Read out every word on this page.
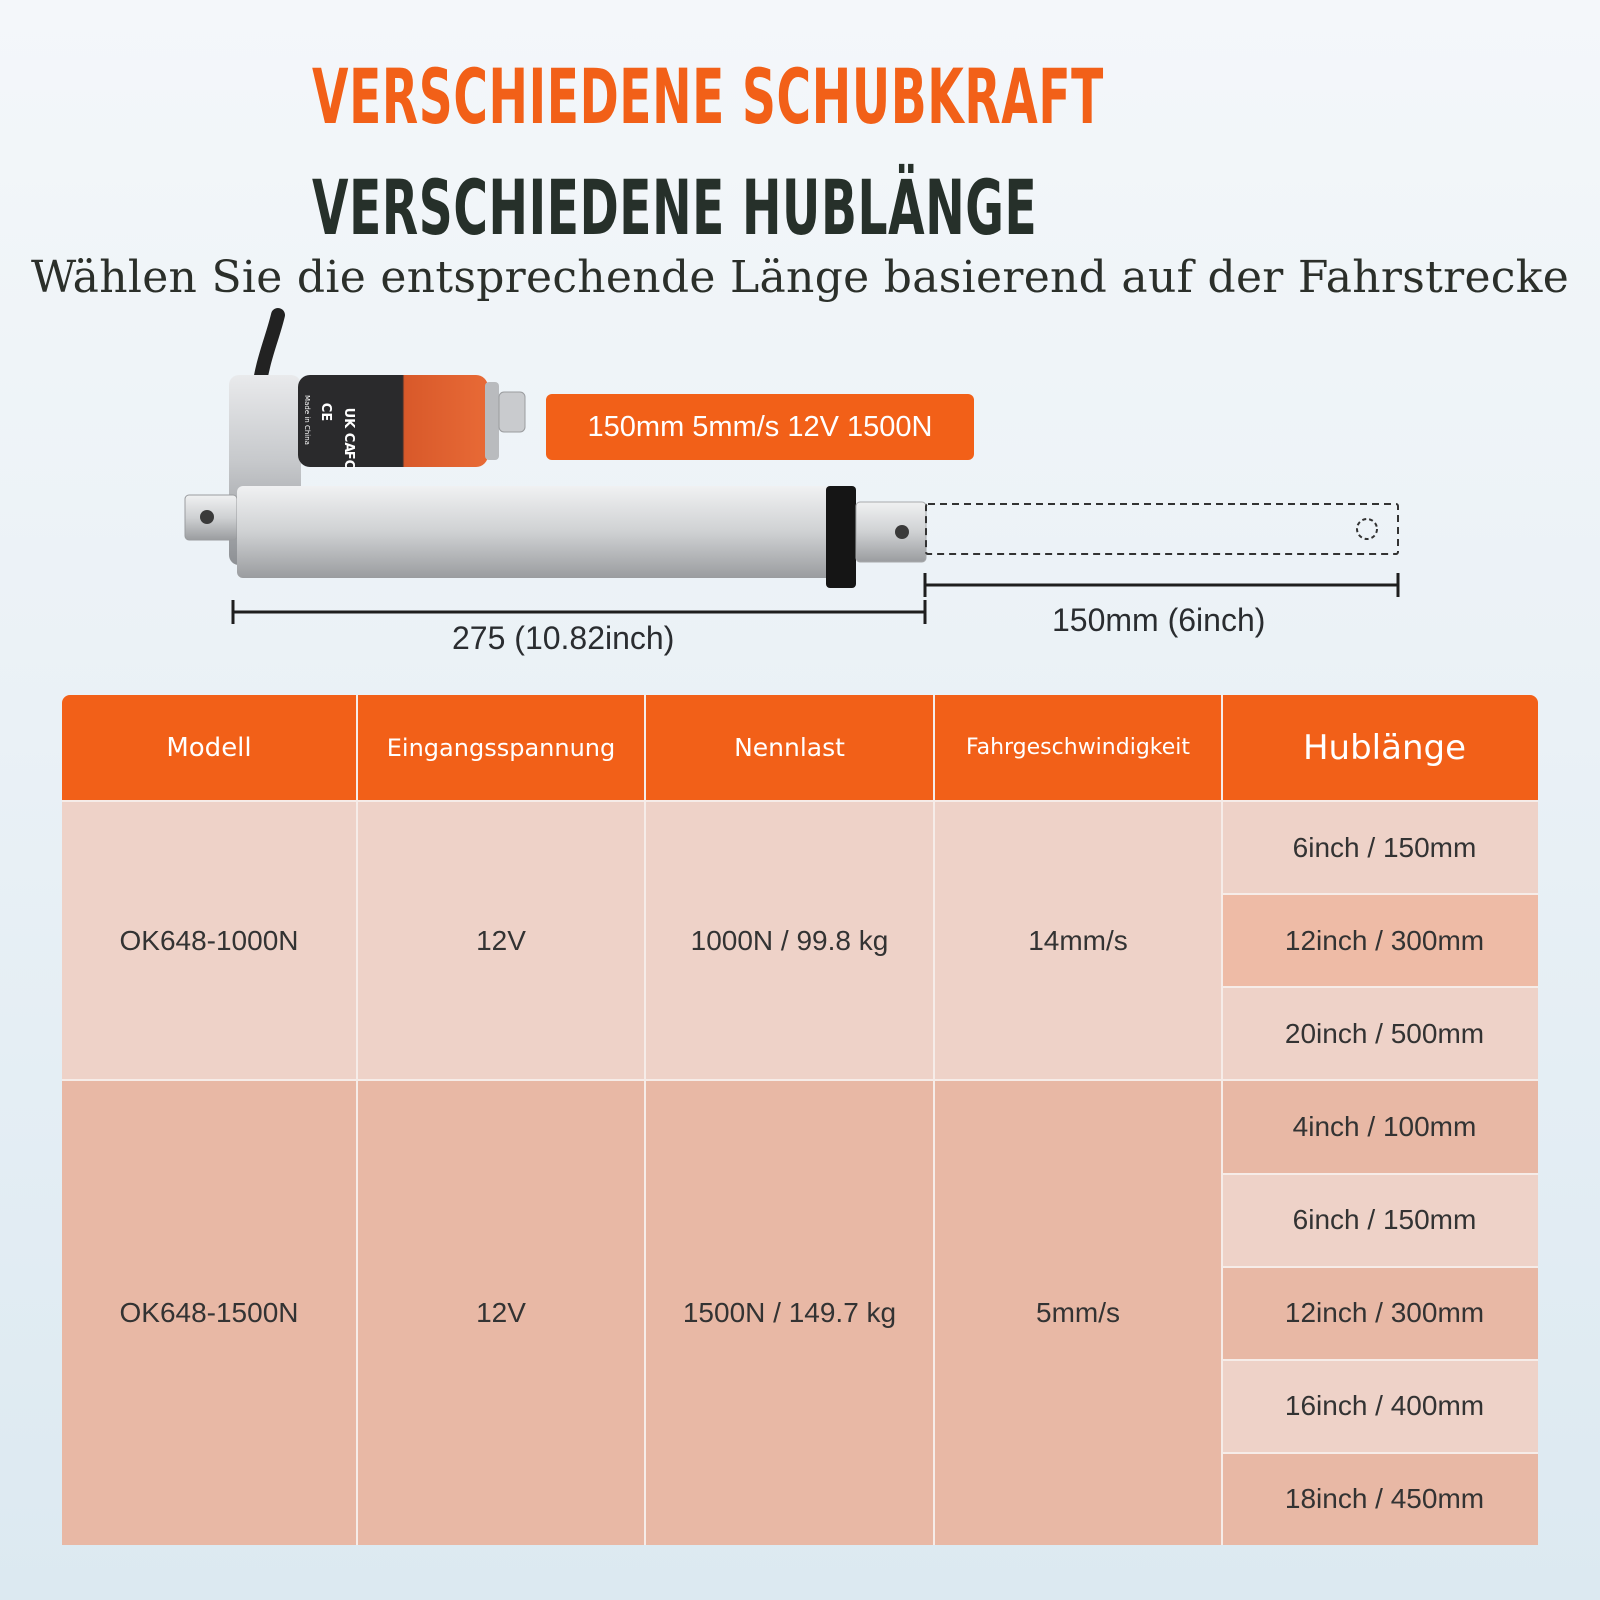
VERSCHIEDENE SCHUBKRAFT
VERSCHIEDENE HUBLÄNGE

Wählen Sie die entsprechende Länge basierend auf der Fahrstrecke

UK CA
CE
FC
Made in China	150mm 5mm/s 12V 1500N
275 (10.82inch)	150mm (6inch)
Modell	Eingangsspannung	Nennlast	Fahrgeschwindigkeit	Hublänge
OK648-1000N	12V	1000N / 99.8 kg	14mm/s
6inch / 150mm
12inch / 300mm
20inch / 500mm
OK648-1500N	12V	1500N / 149.7 kg	5mm/s
4inch / 100mm
6inch / 150mm
12inch / 300mm
16inch / 400mm
18inch / 450mm
